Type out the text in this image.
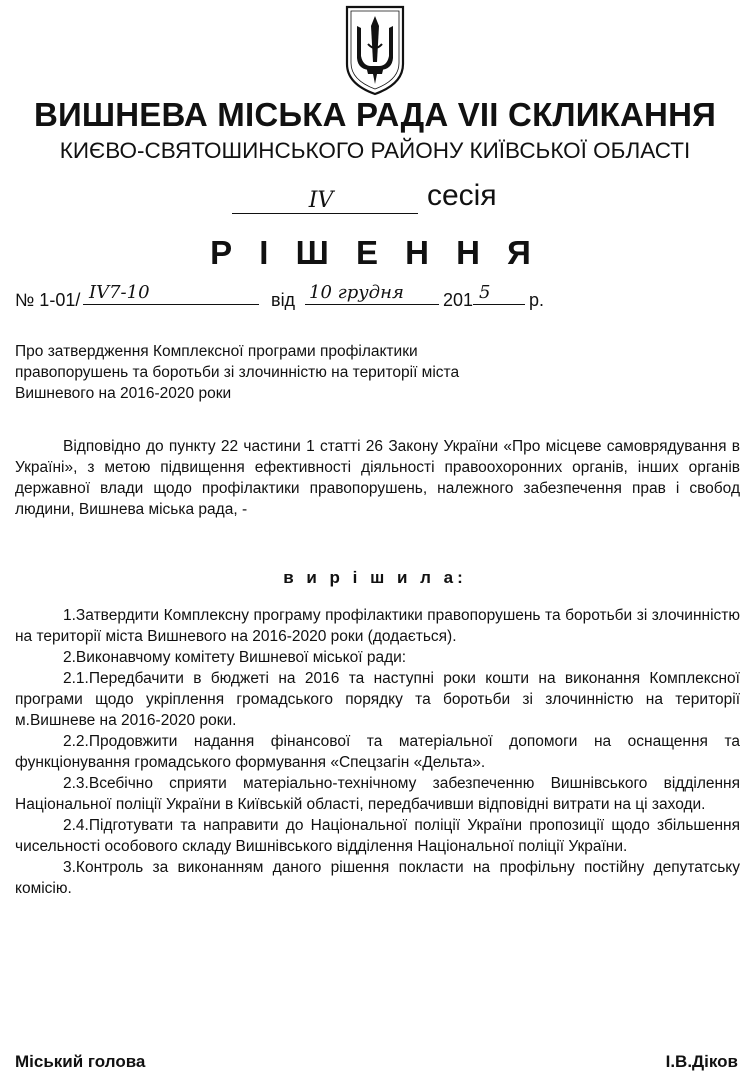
ВИШНЕВА МІСЬКА РАДА VII СКЛИКАННЯ
КИЄВО-СВЯТОШИНСЬКОГО РАЙОНУ КИЇВСЬКОЇ ОБЛАСТІ
IV	сесія
Р І Ш Е Н Н Я
№ 1-01/ IV7-10	від 10 грудня	201 5	р.
Про затвердження Комплексної програми профілактики правопорушень та боротьби зі злочинністю на території міста Вишневого на 2016-2020 роки
Відповідно до пункту 22 частини 1 статті 26 Закону України «Про місцеве самоврядування в Україні», з метою підвищення ефективності діяльності правоохоронних органів, інших органів державної влади щодо профілактики правопорушень, належного забезпечення прав і свобод людини, Вишнева міська рада, -
в и р і ш и л а:

1.Затвердити Комплексну програму профілактики правопорушень та боротьби зі злочинністю на території міста Вишневого на 2016-2020 роки (додається).

2.Виконавчому комітету Вишневої міської ради:

2.1.Передбачити в бюджеті на 2016 та наступні роки кошти на виконання Комплексної програми щодо укріплення громадського порядку та боротьби зі злочинністю на території м.Вишневе на 2016-2020 роки.

2.2.Продовжити надання фінансової та матеріальної допомоги на оснащення та функціонування громадського формування «Спецзагін «Дельта».

2.3.Всебічно сприяти матеріально-технічному забезпеченню Вишнівського відділення Національної поліції України в Київській області, передбачивши відповідні витрати на ці заходи.

2.4.Підготувати та направити до Національної поліції України пропозиції щодо збільшення чисельності особового складу Вишнівського відділення Національної поліції України.

3.Контроль за виконанням даного рішення покласти на профільну постійну депутатську комісію.

Міський голова	І.В.Діков
